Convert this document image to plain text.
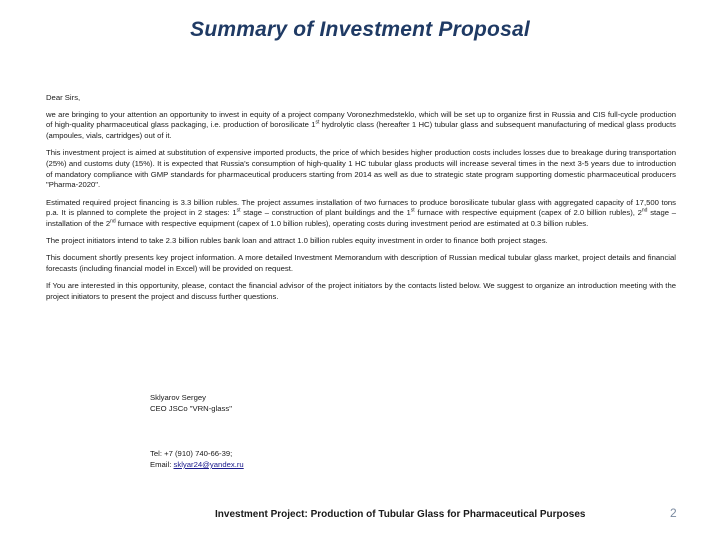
Summary of Investment Proposal

Dear Sirs,

we are bringing to your attention an opportunity to invest in equity of a project company Voronezhmedsteklo, which will be set up to organize first in Russia and CIS full-cycle production of high-quality pharmaceutical glass packaging, i.e. production of borosilicate 1st hydrolytic class (hereafter 1 HC) tubular glass and subsequent manufacturing of medical glass products (ampoules, vials, cartridges) out of it.

This investment project is aimed at substitution of expensive imported products, the price of which besides higher production costs includes losses due to breakage during transportation (25%) and customs duty (15%). It is expected that Russia's consumption of high-quality 1 HC tubular glass products will increase several times in the next 3-5 years due to introduction of mandatory compliance with GMP standards for pharmaceutical producers starting from 2014 as well as due to strategic state program supporting domestic pharmaceutical producers "Pharma-2020".

Estimated required project financing is 3.3 billion rubles. The project assumes installation of two furnaces to produce borosilicate tubular glass with aggregated capacity of 17,500 tons p.a. It is planned to complete the project in 2 stages: 1st stage – construction of plant buildings and the 1st furnace with respective equipment (capex of 2.0 billion rubles), 2nd stage – installation of the 2nd furnace with respective equipment (capex of 1.0 billion rubles), operating costs during investment period are estimated at 0.3 billion rubles.

The project initiators intend to take 2.3 billion rubles bank loan and attract 1.0 billion rubles equity investment in order to finance both project stages.

This document shortly presents key project information. A more detailed Investment Memorandum with description of Russian medical tubular glass market, project details and financial forecasts (including financial model in Excel) will be provided on request.

If You are interested in this opportunity, please, contact the financial advisor of the project initiators by the contacts listed below. We suggest to organize an introduction meeting with the project initiators to present the project and discuss further questions.

Sklyarov Sergey
CEO JSCo "VRN-glass"
Tel: +7 (910) 740-66-39;
Email: sklyar24@yandex.ru
Investment Project: Production of Tubular Glass for Pharmaceutical Purposes	2
